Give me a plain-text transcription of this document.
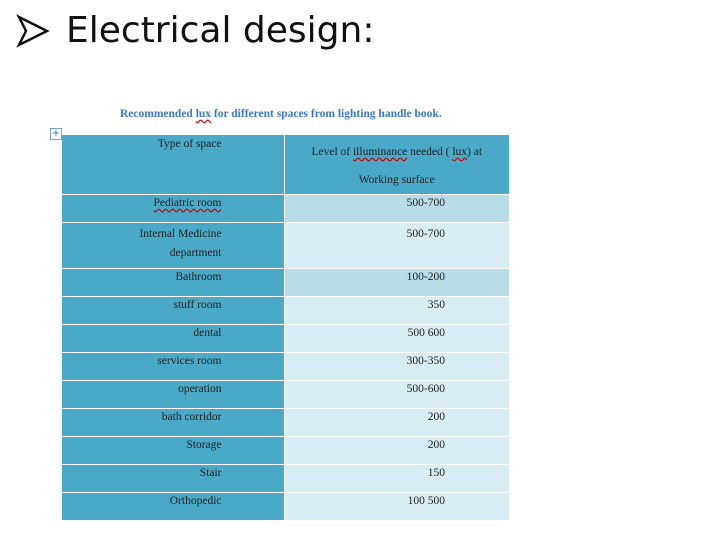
Electrical design:
Recommended lux for different spaces from lighting handle book.
+
Type of space	Level of illuminance needed ( lux) at
Working surface

Pediatric room	500-700

Internal Medicine
department	500-700
Bathroom	100-200
stuff room	350
dental	500 600
services room	300-350
operation	500-600
bath corridor	200
Storage	200
Stair	150
Orthopedic	100 500
